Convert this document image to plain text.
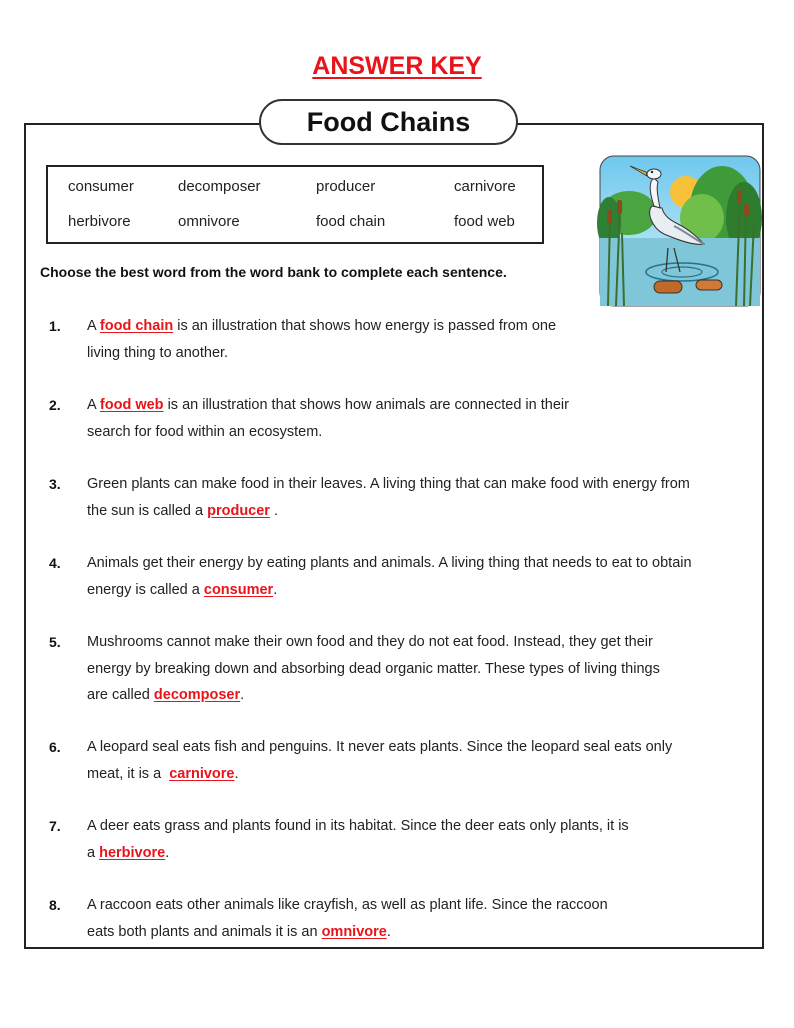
ANSWER KEY
Food Chains
consumer	decomposer	producer	carnivore
herbivore	omnivore	food chain	food web
Choose the best word from the word bank to complete each sentence.
1. A food chain is an illustration that shows how energy is passed from one
living thing to another.
2. A food web is an illustration that shows how animals are connected in their
search for food within an ecosystem.
3. Green plants can make food in their leaves. A living thing that can make food with energy from
the sun is called a producer .
4. Animals get their energy by eating plants and animals. A living thing that needs to eat to obtain
energy is called a consumer.
5. Mushrooms cannot make their own food and they do not eat food. Instead, they get their
energy by breaking down and absorbing dead organic matter. These types of living things
are called decomposer.
6. A leopard seal eats fish and penguins. It never eats plants. Since the leopard seal eats only
meat, it is a  carnivore.
7. A deer eats grass and plants found in its habitat. Since the deer eats only plants, it is
a herbivore.
8. A raccoon eats other animals like crayfish, as well as plant life. Since the raccoon
eats both plants and animals it is an omnivore.
